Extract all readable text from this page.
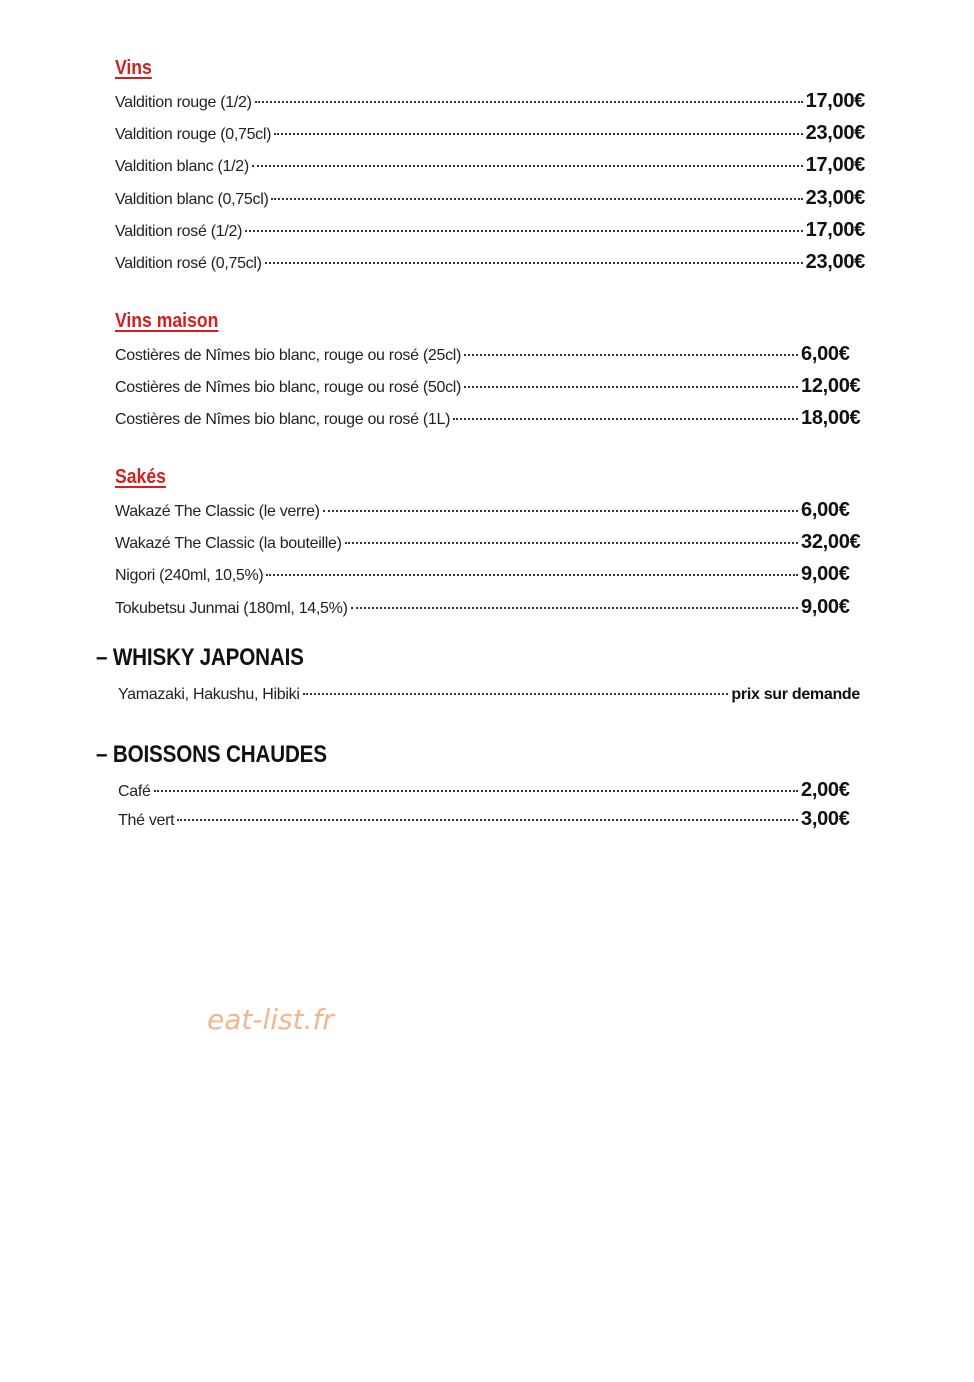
Vins
Valdition rouge (1/2)	17,00€
Valdition rouge (0,75cl)	23,00€
Valdition blanc (1/2)	17,00€
Valdition blanc (0,75cl)	23,00€
Valdition rosé (1/2)	17,00€
Valdition rosé (0,75cl)	23,00€
Vins maison
Costières de Nîmes bio blanc, rouge ou rosé (25cl)	6,00€
Costières de Nîmes bio blanc, rouge ou rosé (50cl)	12,00€
Costières de Nîmes bio blanc, rouge ou rosé (1L)	18,00€
Sakés
Wakazé The Classic (le verre)	6,00€
Wakazé The Classic (la bouteille)	32,00€
Nigori (240ml, 10,5%)	9,00€
Tokubetsu Junmai (180ml, 14,5%)	9,00€
– WHISKY JAPONAIS
Yamazaki, Hakushu, Hibiki	prix sur demande
– BOISSONS CHAUDES
Café	2,00€
Thé vert	3,00€
eat-list.fr
